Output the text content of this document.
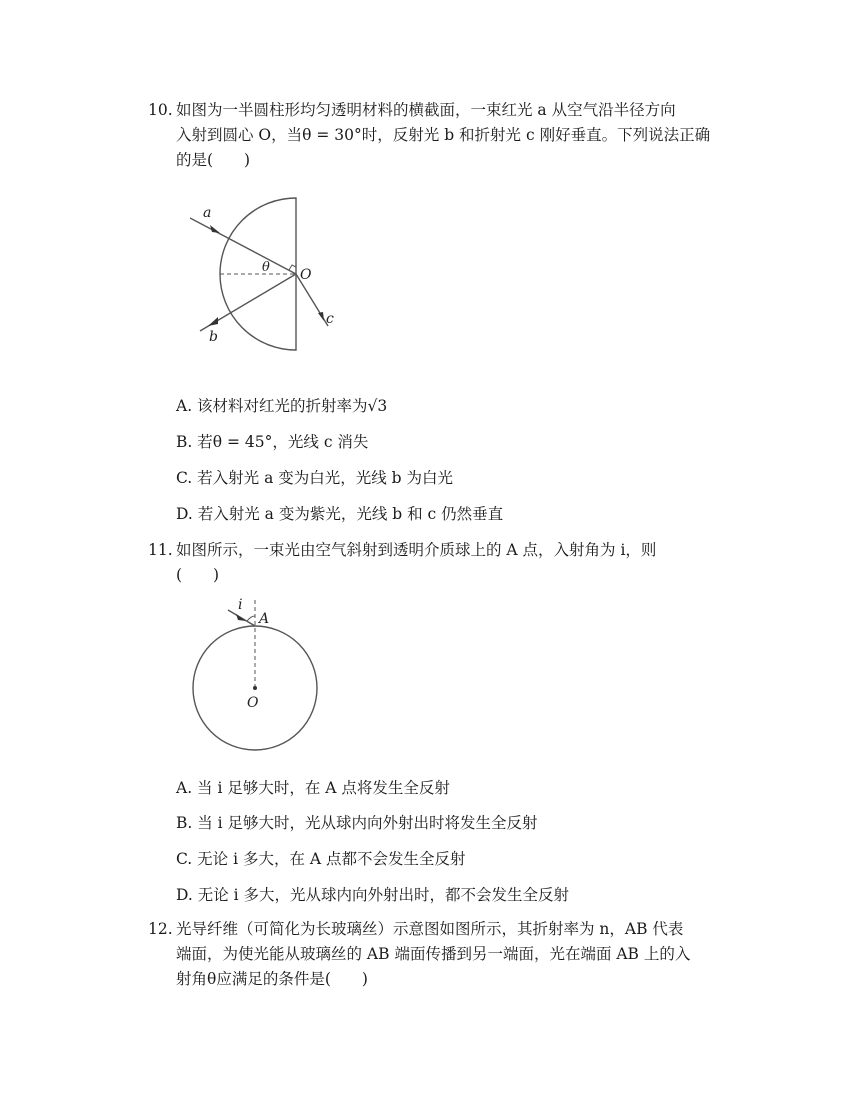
10. 如图为一半圆柱形均匀透明材料的横截面，一束红光 a 从空气沿半径方向
入射到圆心 O，当θ = 30°时，反射光 b 和折射光 c 刚好垂直。下列说法正确
的是(　　)
a
b
c
O
θ
A. 该材料对红光的折射率为√3
B. 若θ = 45°，光线 c 消失
C. 若入射光 a 变为白光，光线 b 为白光
D. 若入射光 a 变为紫光，光线 b 和 c 仍然垂直
11. 如图所示，一束光由空气斜射到透明介质球上的 A 点，入射角为 i，则
(　　)
i
A
O
A. 当 i 足够大时，在 A 点将发生全反射
B. 当 i 足够大时，光从球内向外射出时将发生全反射
C. 无论 i 多大，在 A 点都不会发生全反射
D. 无论 i 多大，光从球内向外射出时，都不会发生全反射
12. 光导纤维（可简化为长玻璃丝）示意图如图所示，其折射率为 n，AB 代表
端面，为使光能从玻璃丝的 AB 端面传播到另一端面，光在端面 AB 上的入
射角θ应满足的条件是(　　)
